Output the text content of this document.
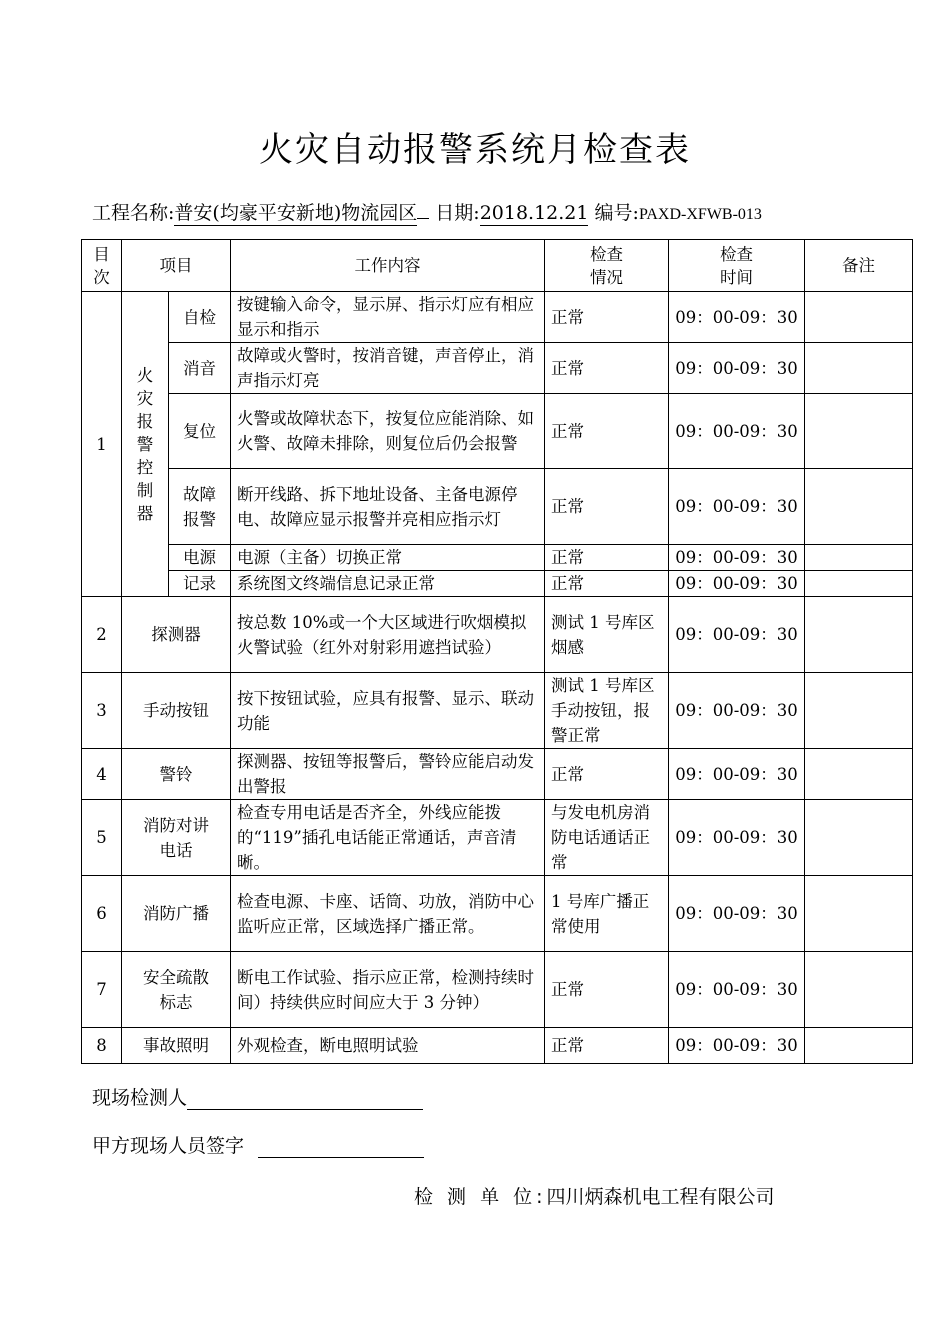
火灾自动报警系统月检查表
工程名称:普安(均豪平安新地)物流园区 日期:2018.12.21 编号:PAXD-XFWB-013
目次	项目		工作内容	检查情况	检查时间	备注
1	火灾报警控制器	自检	按键输入命令，显示屏、指示灯应有相应显示和指示	正常	09：00-09：30	
		消音	故障或火警时，按消音键，声音停止，消声指示灯亮	正常	09：00-09：30	
		复位	火警或故障状态下，按复位应能消除、如火警、故障未排除，则复位后仍会报警	正常	09：00-09：30	

		故障报警	断开线路、拆下地址设备、主备电源停电、故障应显示报警并亮相应指示灯	正常	09：00-09：30	
		电源	电源（主备）切换正常	正常	09：00-09：30	
		记录	系统图文终端信息记录正常	正常	09：00-09：30	
2	探测器		按总数 10%或一个大区域进行吹烟模拟火警试验（红外对射彩用遮挡试验）	测试 1 号库区烟感	09：00-09：30	
3	手动按钮		按下按钮试验，应具有报警、显示、联动功能	测试 1 号库区手动按钮，报警正常	09：00-09：30	
4	警铃		探测器、按钮等报警后，警铃应能启动发出警报	正常	09：00-09：30	
5	消防对讲电话		检查专用电话是否齐全，外线应能拨的“119”插孔电话能正常通话，声音清晰。	与发电机房消防电话通话正常	09：00-09：30	
6	消防广播		检查电源、卡座、话筒、功放，消防中心监听应正常，区域选择广播正常。	1 号库广播正常使用	09：00-09：30	
7	安全疏散标志		断电工作试验、指示应正常，检测持续时间）持续供应时间应大于 3 分钟）	正常	09：00-09：30	
8	事故照明		外观检查，断电照明试验	正常	09：00-09：30	
现场检测人
甲方现场人员签字
检 测 单 位:四川炳森机电工程有限公司
